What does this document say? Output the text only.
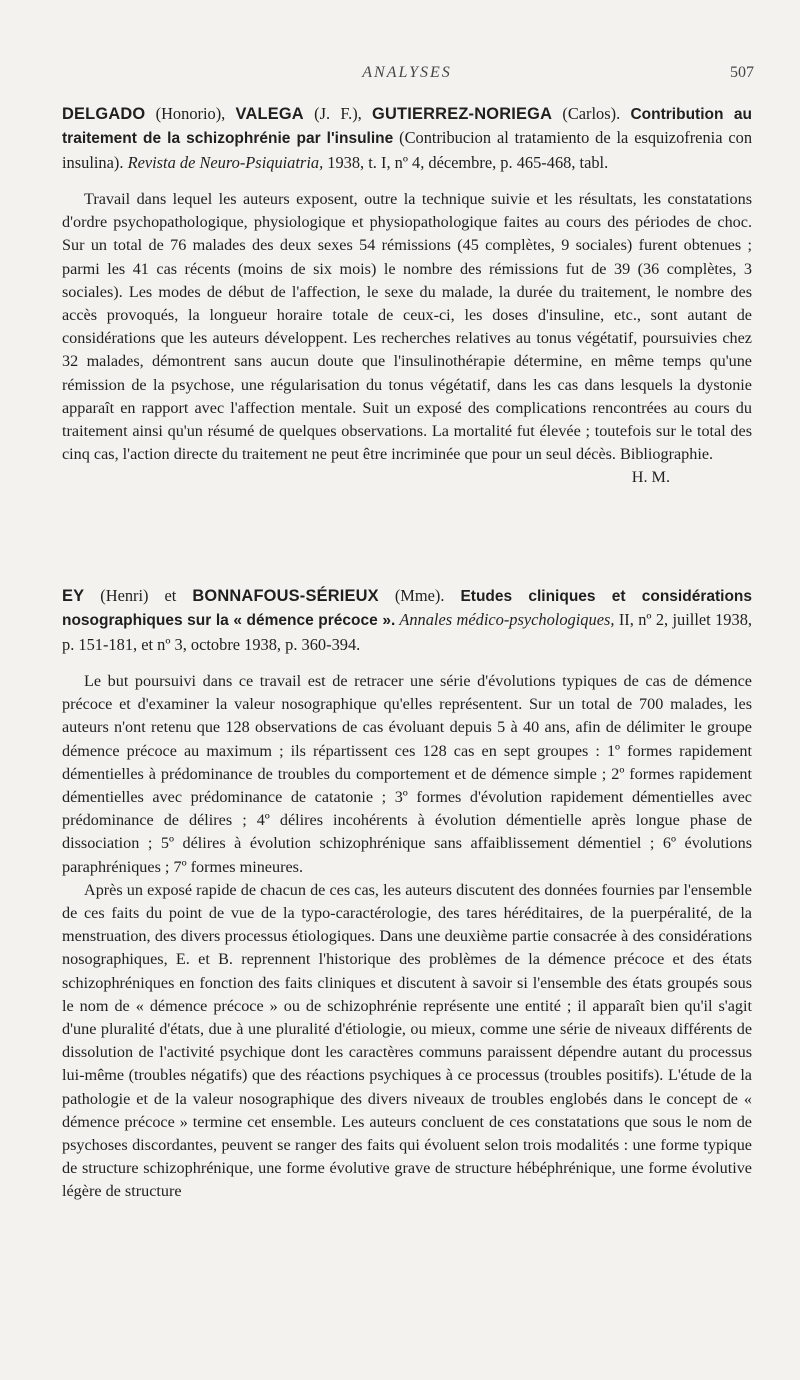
ANALYSES	507

DELGADO (Honorio), VALEGA (J. F.), GUTIERREZ-NORIEGA (Carlos). Contribution au traitement de la schizophrénie par l'insuline (Contribucion al tratamiento de la esquizofrenia con insulina). Revista de Neuro-Psiquiatria, 1938, t. I, nº 4, décembre, p. 465-468, tabl.

Travail dans lequel les auteurs exposent, outre la technique suivie et les résultats, les constatations d'ordre psychopathologique, physiologique et physiopathologique faites au cours des périodes de choc. Sur un total de 76 malades des deux sexes 54 rémissions (45 complètes, 9 sociales) furent obtenues ; parmi les 41 cas récents (moins de six mois) le nombre des rémissions fut de 39 (36 complètes, 3 sociales). Les modes de début de l'affection, le sexe du malade, la durée du traitement, le nombre des accès provoqués, la longueur horaire totale de ceux-ci, les doses d'insuline, etc., sont autant de considérations que les auteurs développent. Les recherches relatives au tonus végétatif, poursuivies chez 32 malades, démontrent sans aucun doute que l'insulinothérapie détermine, en même temps qu'une rémission de la psychose, une régularisation du tonus végétatif, dans les cas dans lesquels la dystonie apparaît en rapport avec l'affection mentale. Suit un exposé des complications rencontrées au cours du traitement ainsi qu'un résumé de quelques observations. La mortalité fut élevée ; toutefois sur le total des cinq cas, l'action directe du traitement ne peut être incriminée que pour un seul décès. Bibliographie.

H. M.

EY (Henri) et BONNAFOUS-SÉRIEUX (Mme). Etudes cliniques et considérations nosographiques sur la « démence précoce ». Annales médico-psychologiques, II, nº 2, juillet 1938, p. 151-181, et nº 3, octobre 1938, p. 360-394.

Le but poursuivi dans ce travail est de retracer une série d'évolutions typiques de cas de démence précoce et d'examiner la valeur nosographique qu'elles représentent. Sur un total de 700 malades, les auteurs n'ont retenu que 128 observations de cas évoluant depuis 5 à 40 ans, afin de délimiter le groupe démence précoce au maximum ; ils répartissent ces 128 cas en sept groupes : 1º formes rapidement démentielles à prédominance de troubles du comportement et de démence simple ; 2º formes rapidement démentielles avec prédominance de catatonie ; 3º formes d'évolution rapidement démentielles avec prédominance de délires ; 4º délires incohérents à évolution démentielle après longue phase de dissociation ; 5º délires à évolution schizophrénique sans affaiblissement démentiel ; 6º évolutions paraphréniques ; 7º formes mineures.

Après un exposé rapide de chacun de ces cas, les auteurs discutent des données fournies par l'ensemble de ces faits du point de vue de la typo-caractérologie, des tares héréditaires, de la puerpéralité, de la menstruation, des divers processus étiologiques. Dans une deuxième partie consacrée à des considérations nosographiques, E. et B. reprennent l'historique des problèmes de la démence précoce et des états schizophréniques en fonction des faits cliniques et discutent à savoir si l'ensemble des états groupés sous le nom de « démence précoce » ou de schizophrénie représente une entité ; il apparaît bien qu'il s'agit d'une pluralité d'états, due à une pluralité d'étiologie, ou mieux, comme une série de niveaux différents de dissolution de l'activité psychique dont les caractères communs paraissent dépendre autant du processus lui-même (troubles négatifs) que des réactions psychiques à ce processus (troubles positifs). L'étude de la pathologie et de la valeur nosographique des divers niveaux de troubles englobés dans le concept de « démence précoce » termine cet ensemble. Les auteurs concluent de ces constatations que sous le nom de psychoses discordantes, peuvent se ranger des faits qui évoluent selon trois modalités : une forme typique de structure schizophrénique, une forme évolutive grave de structure hébéphrénique, une forme évolutive légère de structure
